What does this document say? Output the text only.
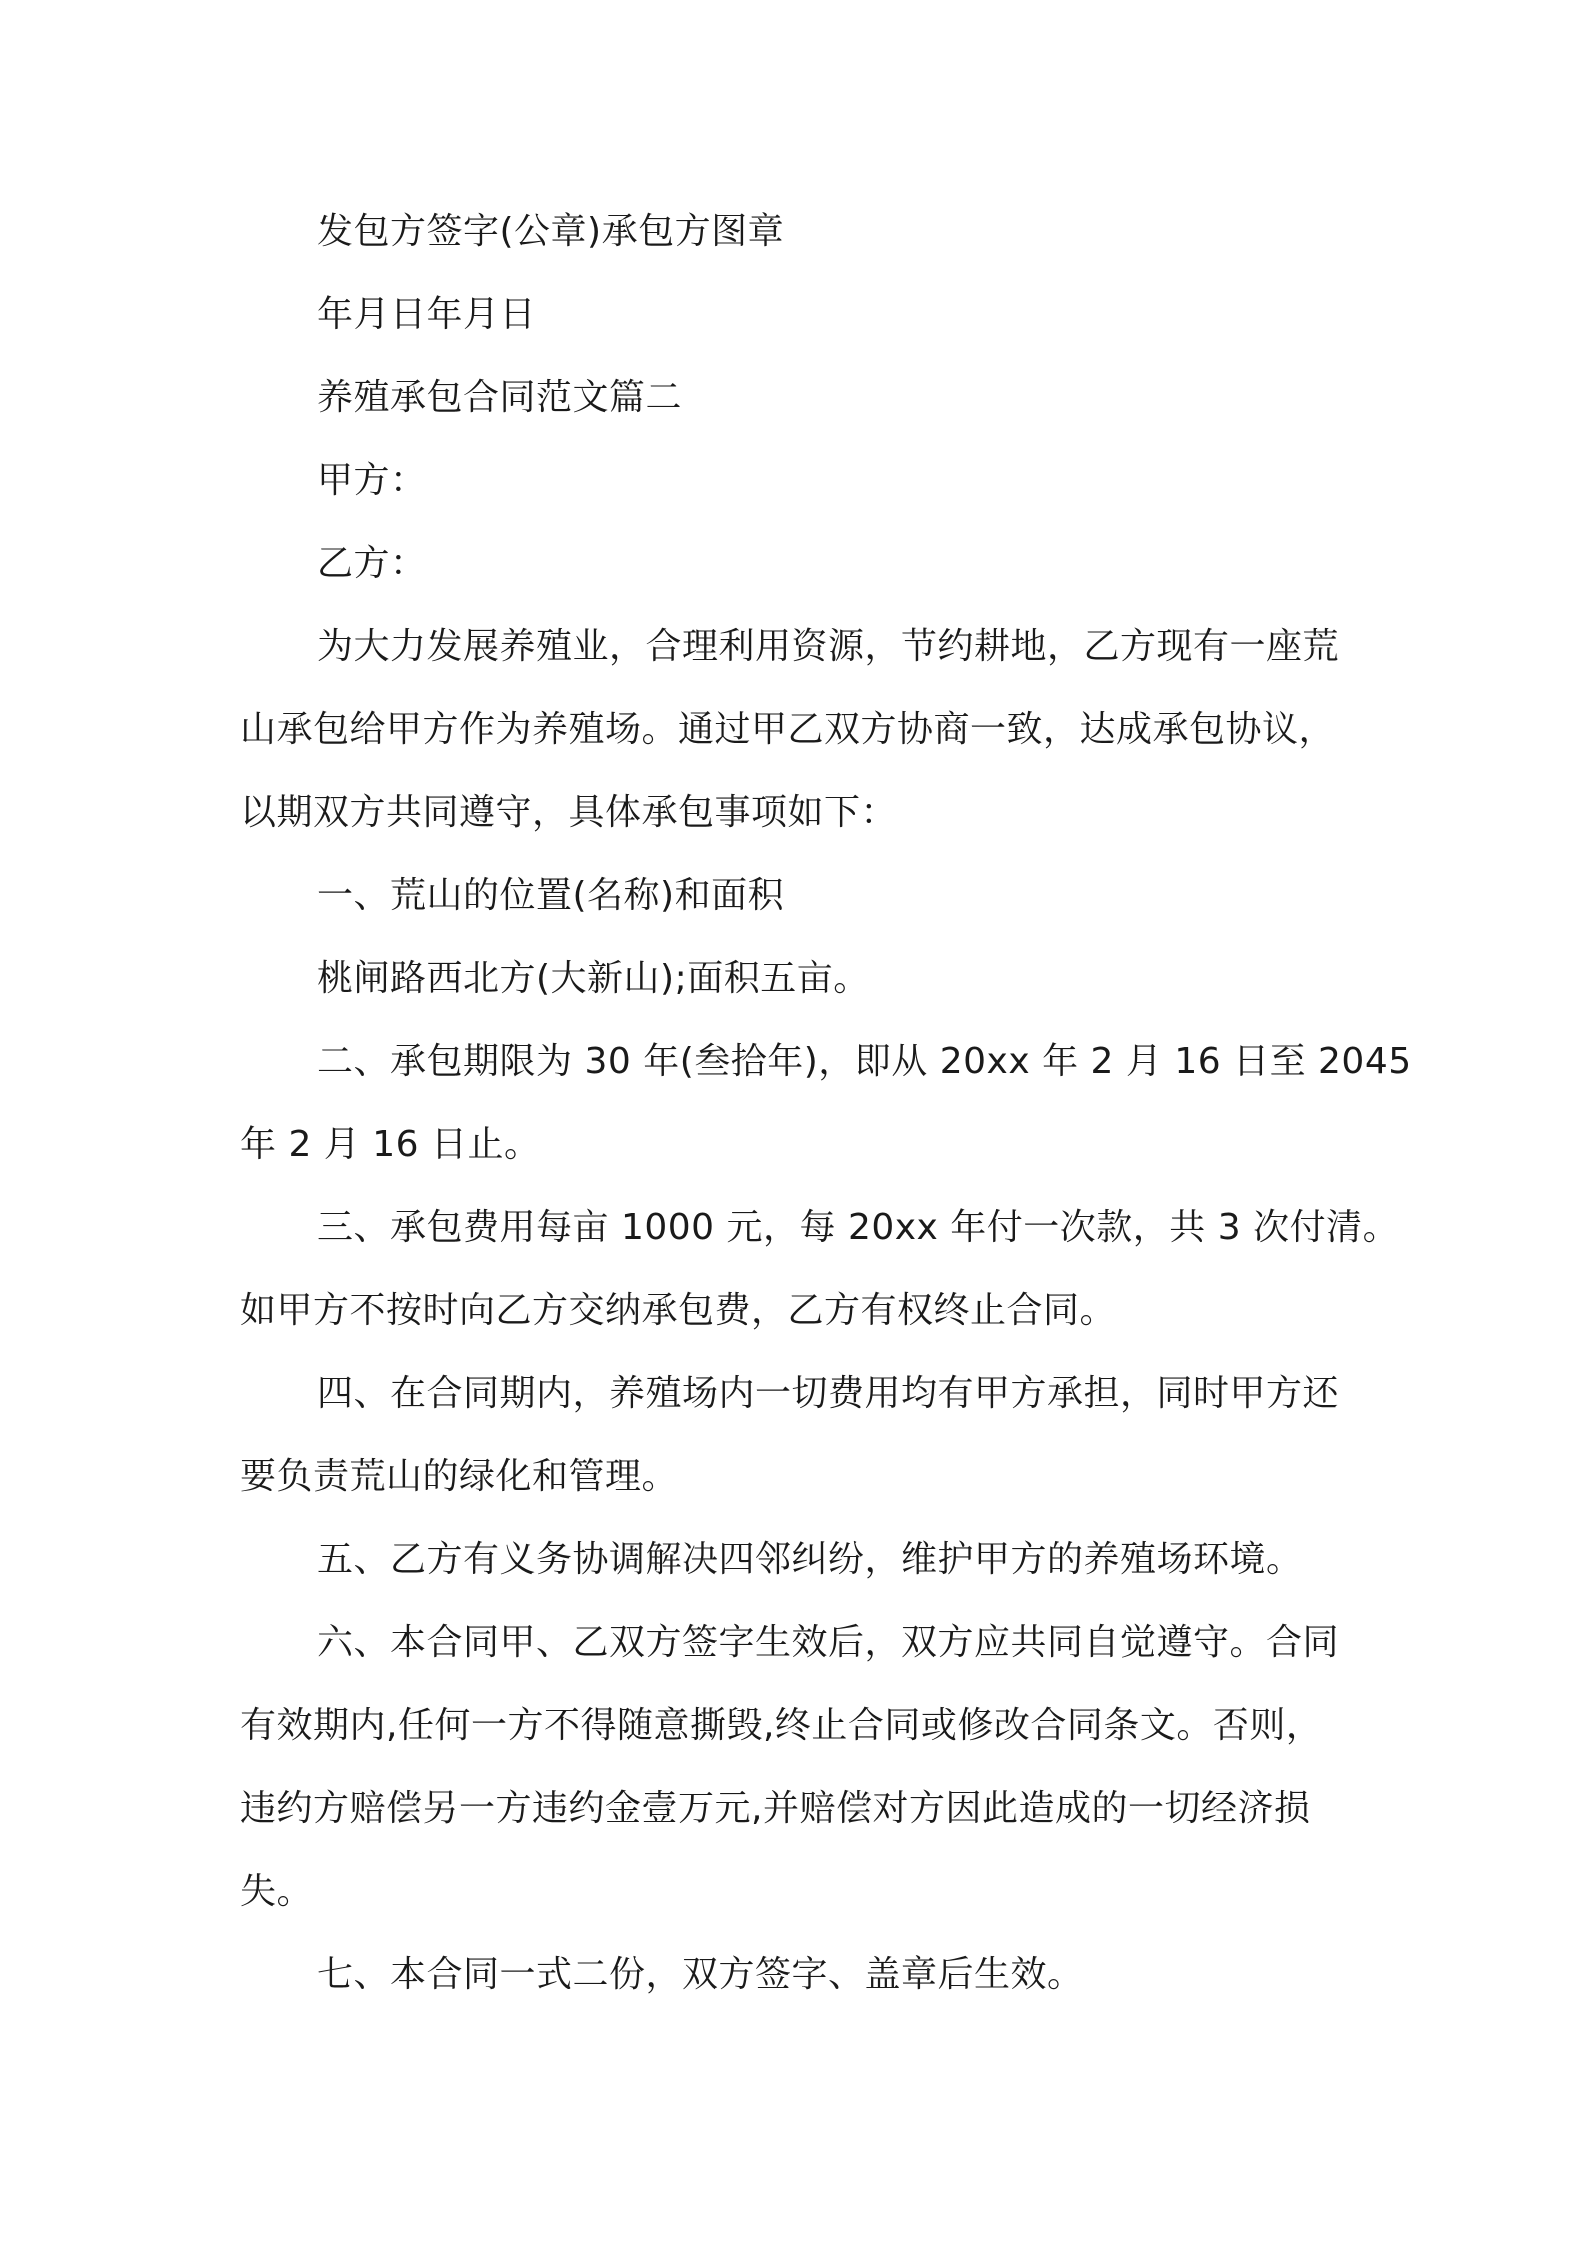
发包方签字(公章)承包方图章
年月日年月日
养殖承包合同范文篇二
甲方：
乙方：
为大力发展养殖业，合理利用资源，节约耕地，乙方现有一座荒
山承包给甲方作为养殖场。通过甲乙双方协商一致，达成承包协议，
以期双方共同遵守，具体承包事项如下：
一、荒山的位置(名称)和面积
桃闸路西北方(大新山);面积五亩。
二、承包期限为 30 年(叁拾年)，即从 20xx 年 2 月 16 日至 2045
年 2 月 16 日止。
三、承包费用每亩 1000 元，每 20xx 年付一次款，共 3 次付清。
如甲方不按时向乙方交纳承包费，乙方有权终止合同。
四、在合同期内，养殖场内一切费用均有甲方承担，同时甲方还
要负责荒山的绿化和管理。
五、乙方有义务协调解决四邻纠纷，维护甲方的养殖场环境。
六、本合同甲、乙双方签字生效后，双方应共同自觉遵守。合同
有效期内,任何一方不得随意撕毁,终止合同或修改合同条文。否则，
违约方赔偿另一方违约金壹万元,并赔偿对方因此造成的一切经济损
失。
七、本合同一式二份，双方签字、盖章后生效。
